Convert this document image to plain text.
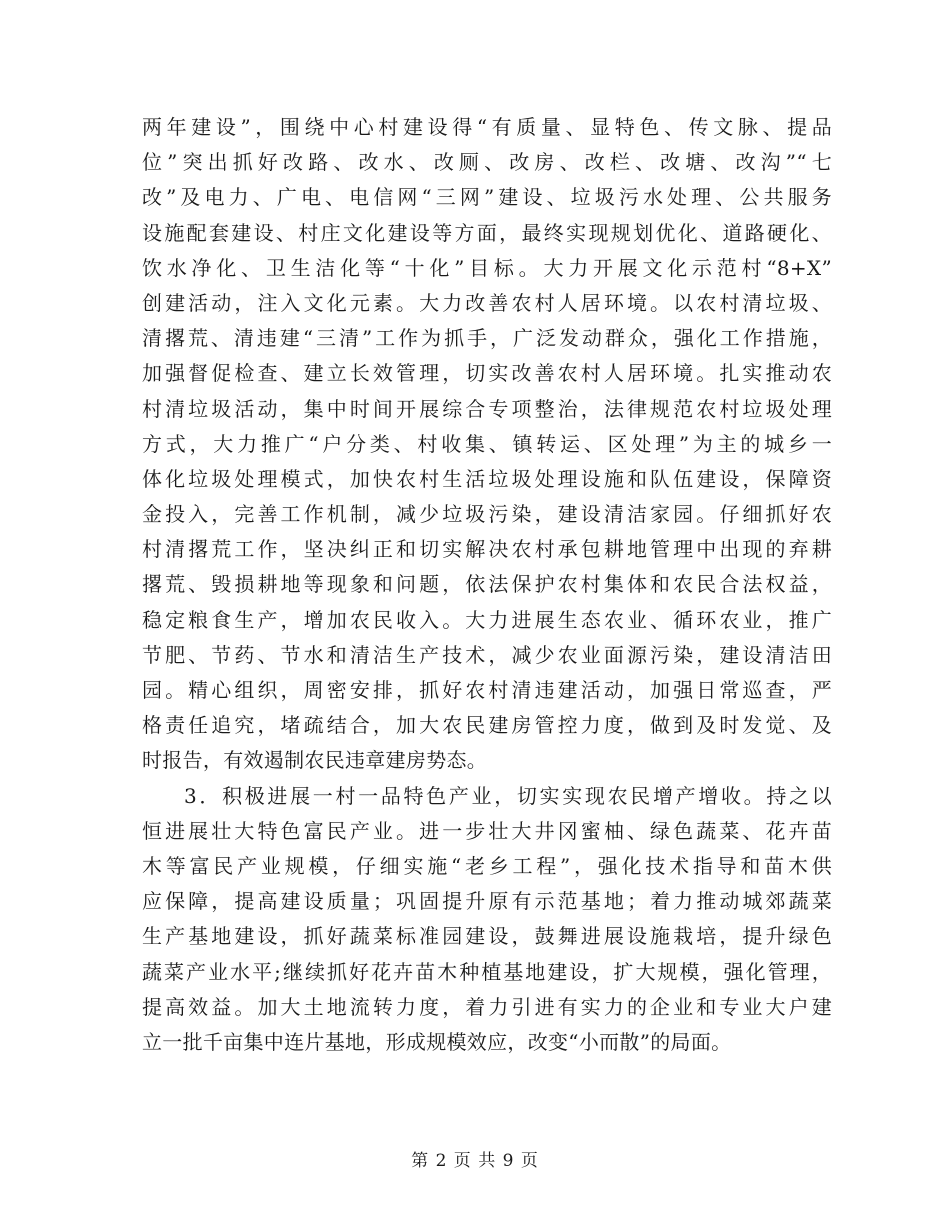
两年建设”，围绕中心村建设得“有质量、显特色、传文脉、提品
位”突出抓好改路、改水、改厕、改房、改栏、改塘、改沟”“七
改”及电力、广电、电信网“三网”建设、垃圾污水处理、公共服务
设施配套建设、村庄文化建设等方面，最终实现规划优化、道路硬化、
饮水净化、卫生洁化等“十化”目标。大力开展文化示范村“8+X”
创建活动，注入文化元素。大力改善农村人居环境。以农村清垃圾、
清撂荒、清违建“三清”工作为抓手，广泛发动群众，强化工作措施，
加强督促检查、建立长效管理，切实改善农村人居环境。扎实推动农
村清垃圾活动，集中时间开展综合专项整治，法律规范农村垃圾处理
方式，大力推广“户分类、村收集、镇转运、区处理”为主的城乡一
体化垃圾处理模式，加快农村生活垃圾处理设施和队伍建设，保障资
金投入，完善工作机制，减少垃圾污染，建设清洁家园。仔细抓好农
村清撂荒工作，坚决纠正和切实解决农村承包耕地管理中出现的弃耕
撂荒、毁损耕地等现象和问题，依法保护农村集体和农民合法权益，
稳定粮食生产，增加农民收入。大力进展生态农业、循环农业，推广
节肥、节药、节水和清洁生产技术，减少农业面源污染，建设清洁田
园。精心组织，周密安排，抓好农村清违建活动，加强日常巡查，严
格责任追究，堵疏结合，加大农民建房管控力度，做到及时发觉、及
时报告，有效遏制农民违章建房势态。
3．积极进展一村一品特色产业，切实实现农民增产增收。持之以
恒进展壮大特色富民产业。进一步壮大井冈蜜柚、绿色蔬菜、花卉苗
木等富民产业规模，仔细实施“老乡工程”，强化技术指导和苗木供
应保障，提高建设质量；巩固提升原有示范基地；着力推动城郊蔬菜
生产基地建设，抓好蔬菜标准园建设，鼓舞进展设施栽培，提升绿色
蔬菜产业水平;继续抓好花卉苗木种植基地建设，扩大规模，强化管理，
提高效益。加大土地流转力度，着力引进有实力的企业和专业大户建
立一批千亩集中连片基地，形成规模效应，改变“小而散”的局面。
第 2 页 共 9 页
